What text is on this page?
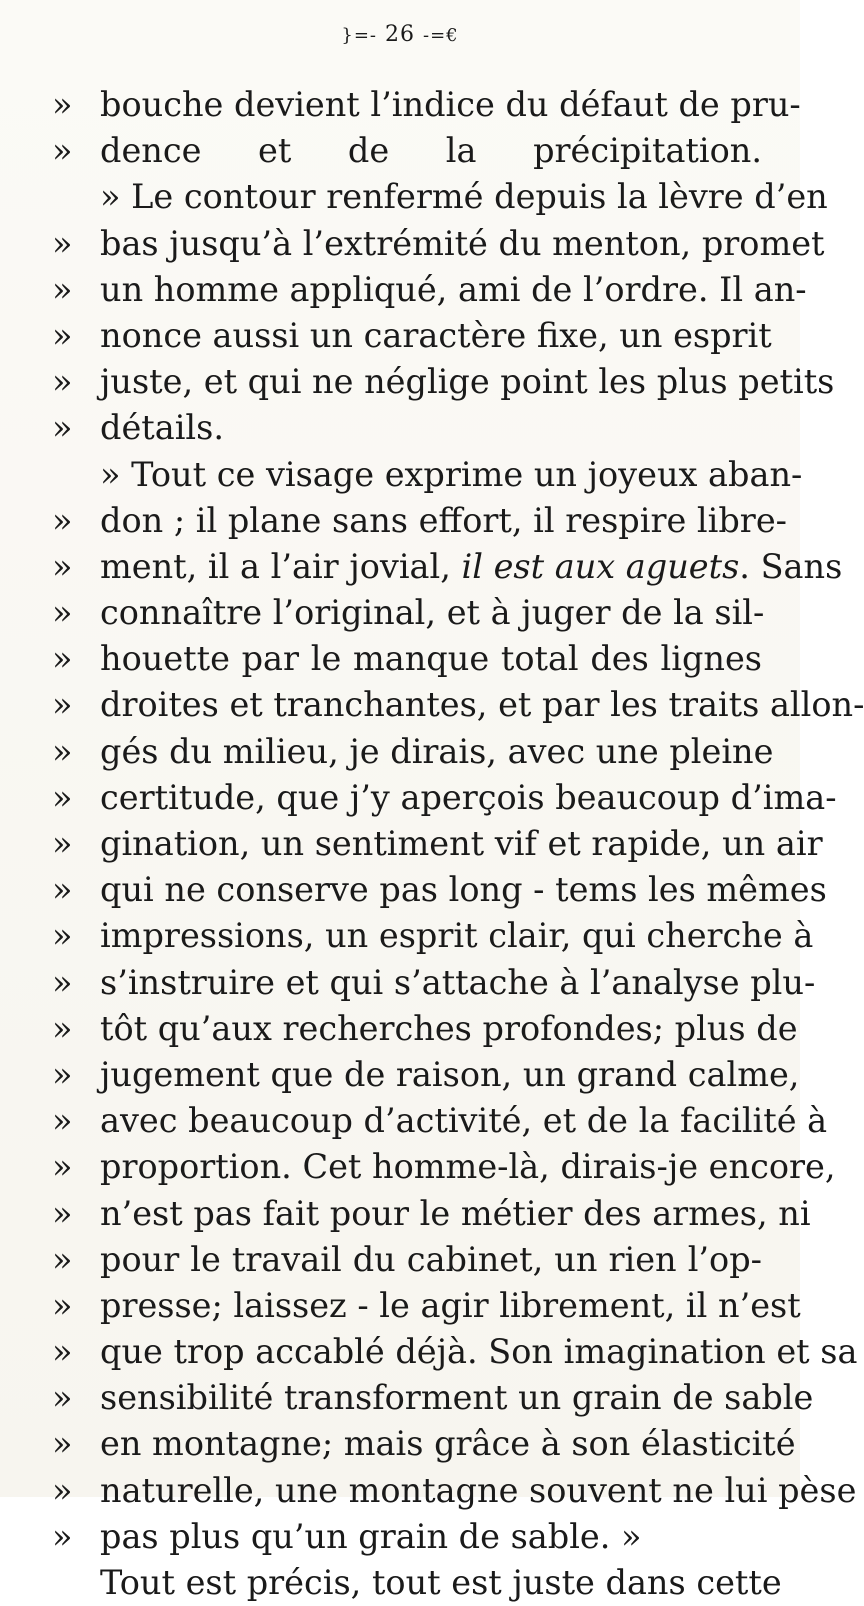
}=- 26 -=€
» bouche devient l’indice du défaut de pru-
» dence et de la précipitation.
» Le contour renfermé depuis la lèvre d’en
» bas jusqu’à l’extrémité du menton, promet
» un homme appliqué, ami de l’ordre. Il an-
» nonce aussi un caractère fixe, un esprit
» juste, et qui ne néglige point les plus petits
» détails.
» Tout ce visage exprime un joyeux aban-
» don ; il plane sans effort, il respire libre-
» ment, il a l’air jovial, il est aux aguets. Sans
» connaître l’original, et à juger de la sil-
» houette par le manque total des lignes
» droites et tranchantes, et par les traits allon-
» gés du milieu, je dirais, avec une pleine
» certitude, que j’y aperçois beaucoup d’ima-
» gination, un sentiment vif et rapide, un air
» qui ne conserve pas long - tems les mêmes
» impressions, un esprit clair, qui cherche à
» s’instruire et qui s’attache à l’analyse plu-
» tôt qu’aux recherches profondes; plus de
» jugement que de raison, un grand calme,
» avec beaucoup d’activité, et de la facilité à
» proportion. Cet homme-là, dirais-je encore,
» n’est pas fait pour le métier des armes, ni
» pour le travail du cabinet, un rien l’op-
» presse; laissez - le agir librement, il n’est
» que trop accablé déjà. Son imagination et sa
» sensibilité transforment un grain de sable
» en montagne; mais grâce à son élasticité
» naturelle, une montagne souvent ne lui pèse
» pas plus qu’un grain de sable. »
Tout est précis, tout est juste dans cette
